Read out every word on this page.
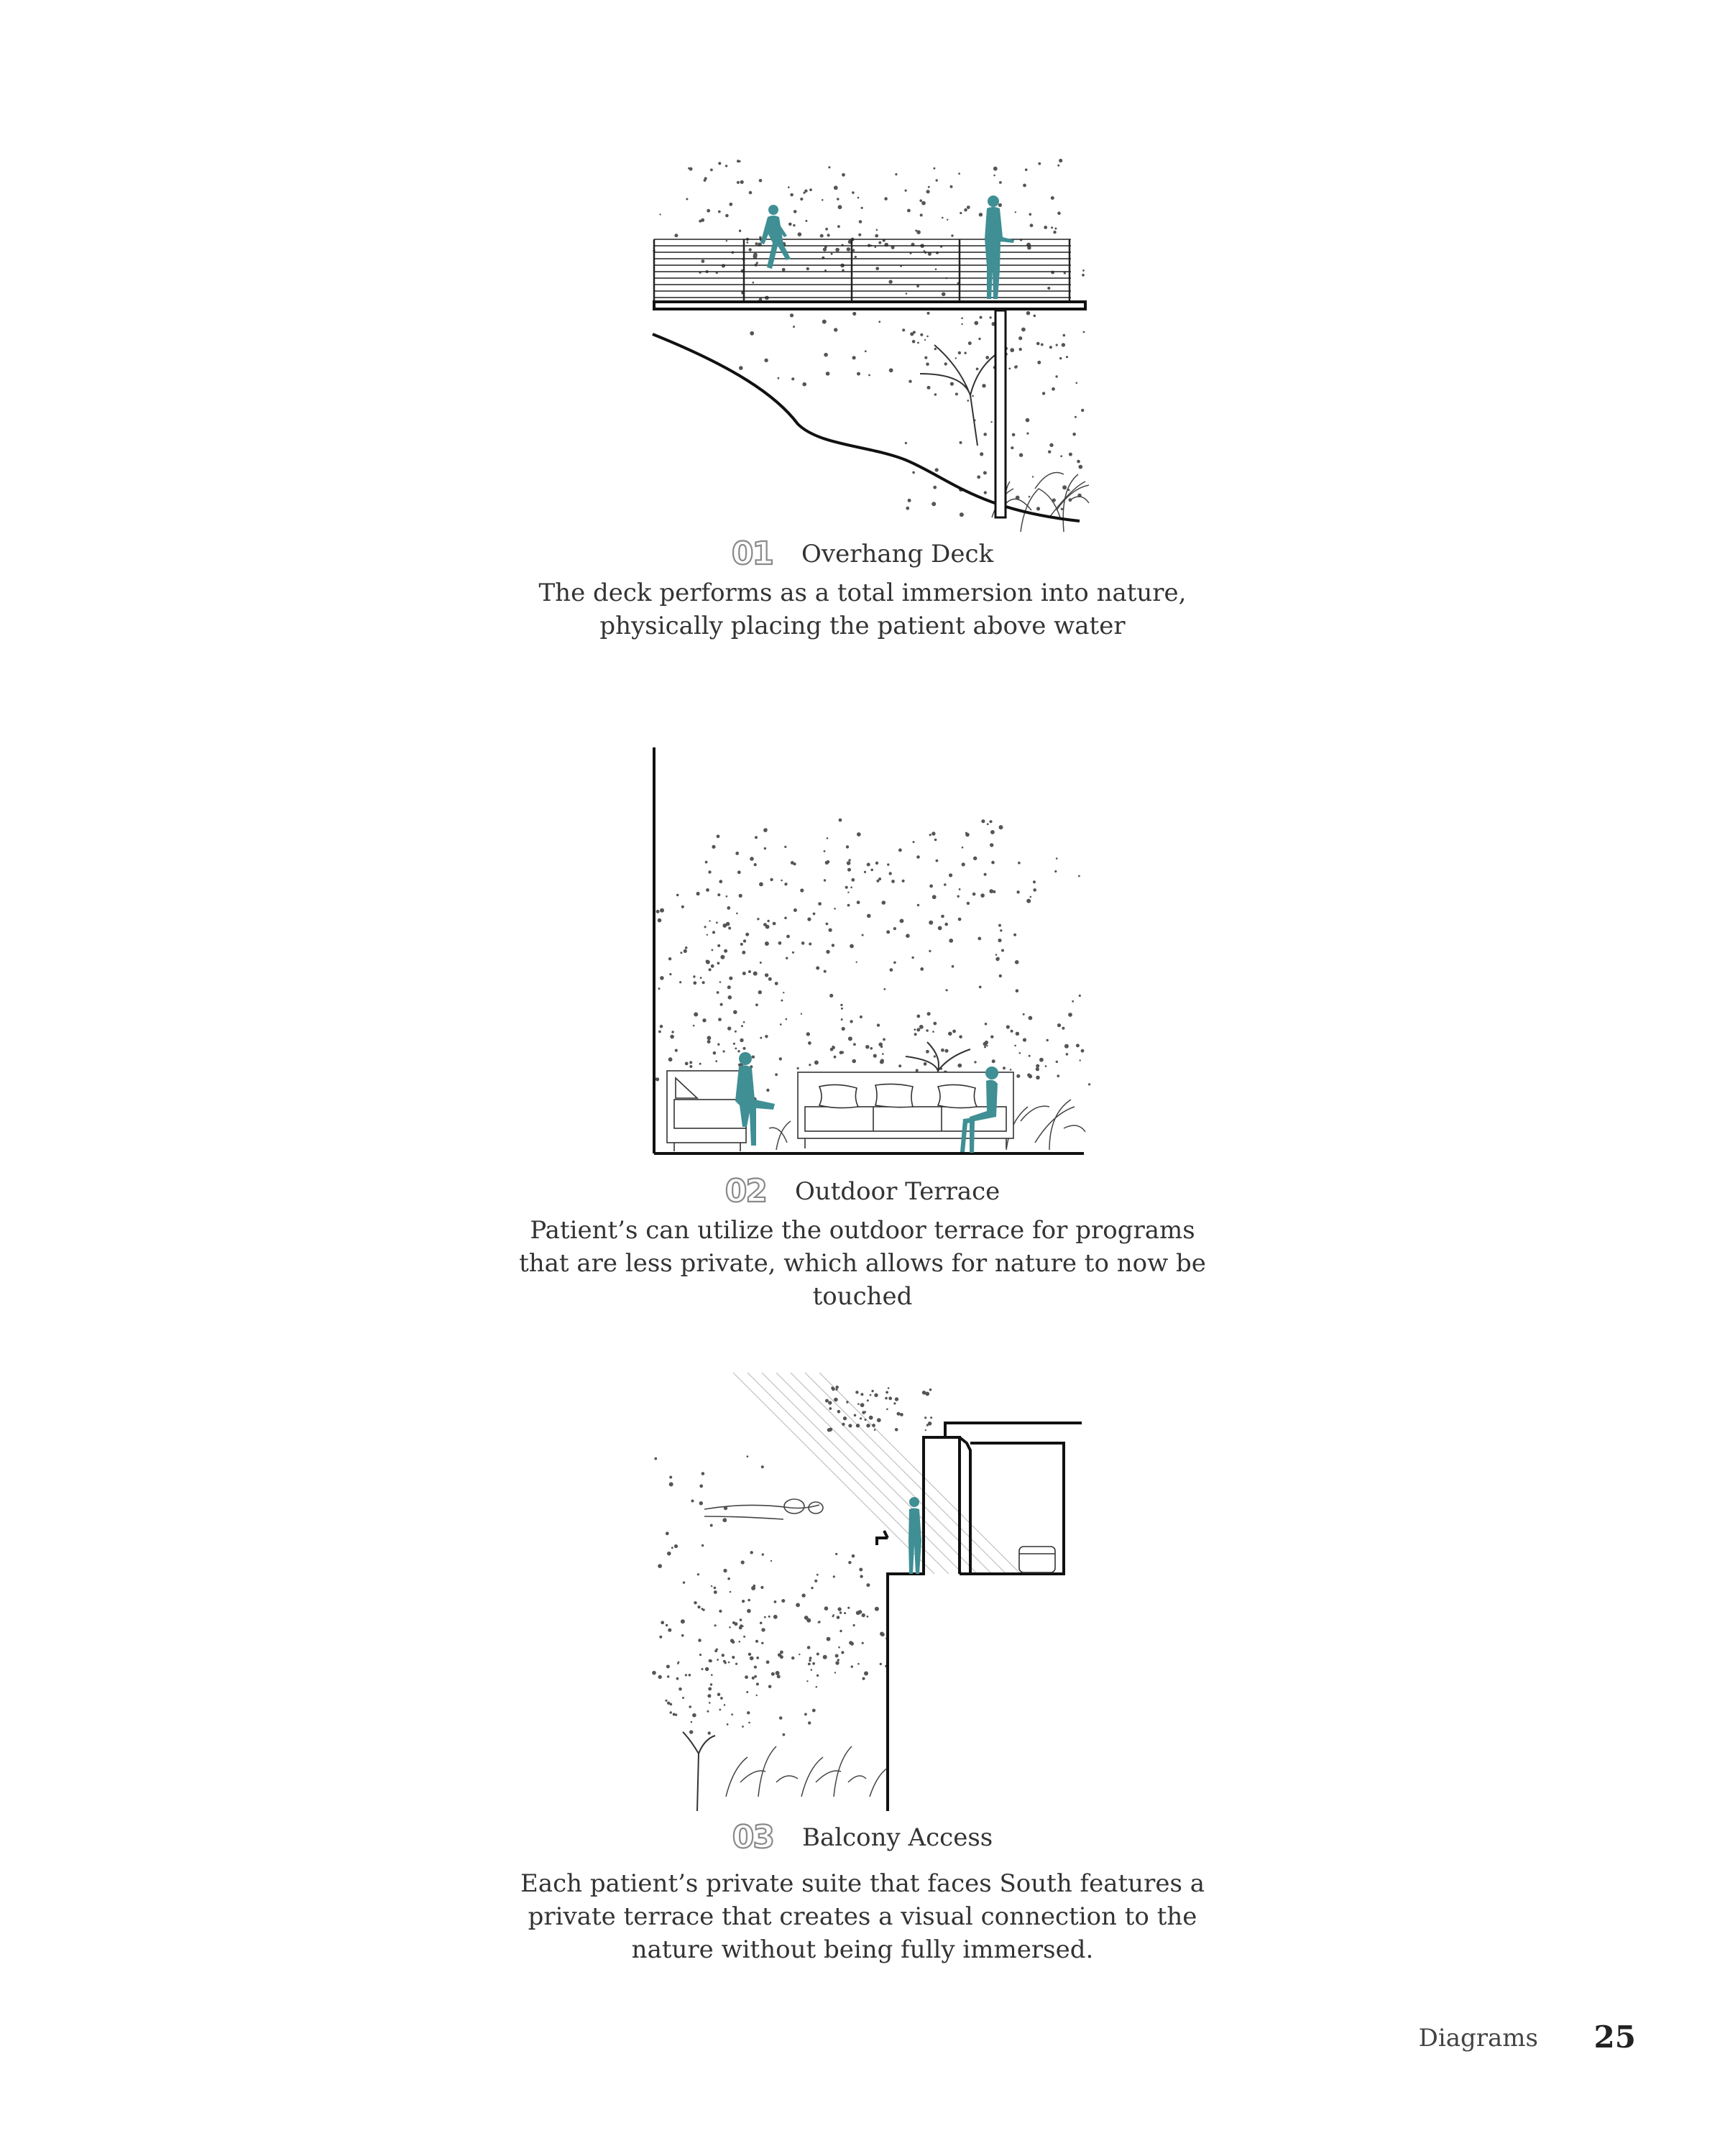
01 Overhang Deck
The deck performs as a total immersion into nature, physically placing the patient above water
02 Outdoor Terrace
Patient’s can utilize the outdoor terrace for programs that are less private, which allows for nature to now be touched
03 Balcony Access
Each patient’s private suite that faces South features a private terrace that creates a visual connection to the nature without being fully immersed.
Diagrams	25
